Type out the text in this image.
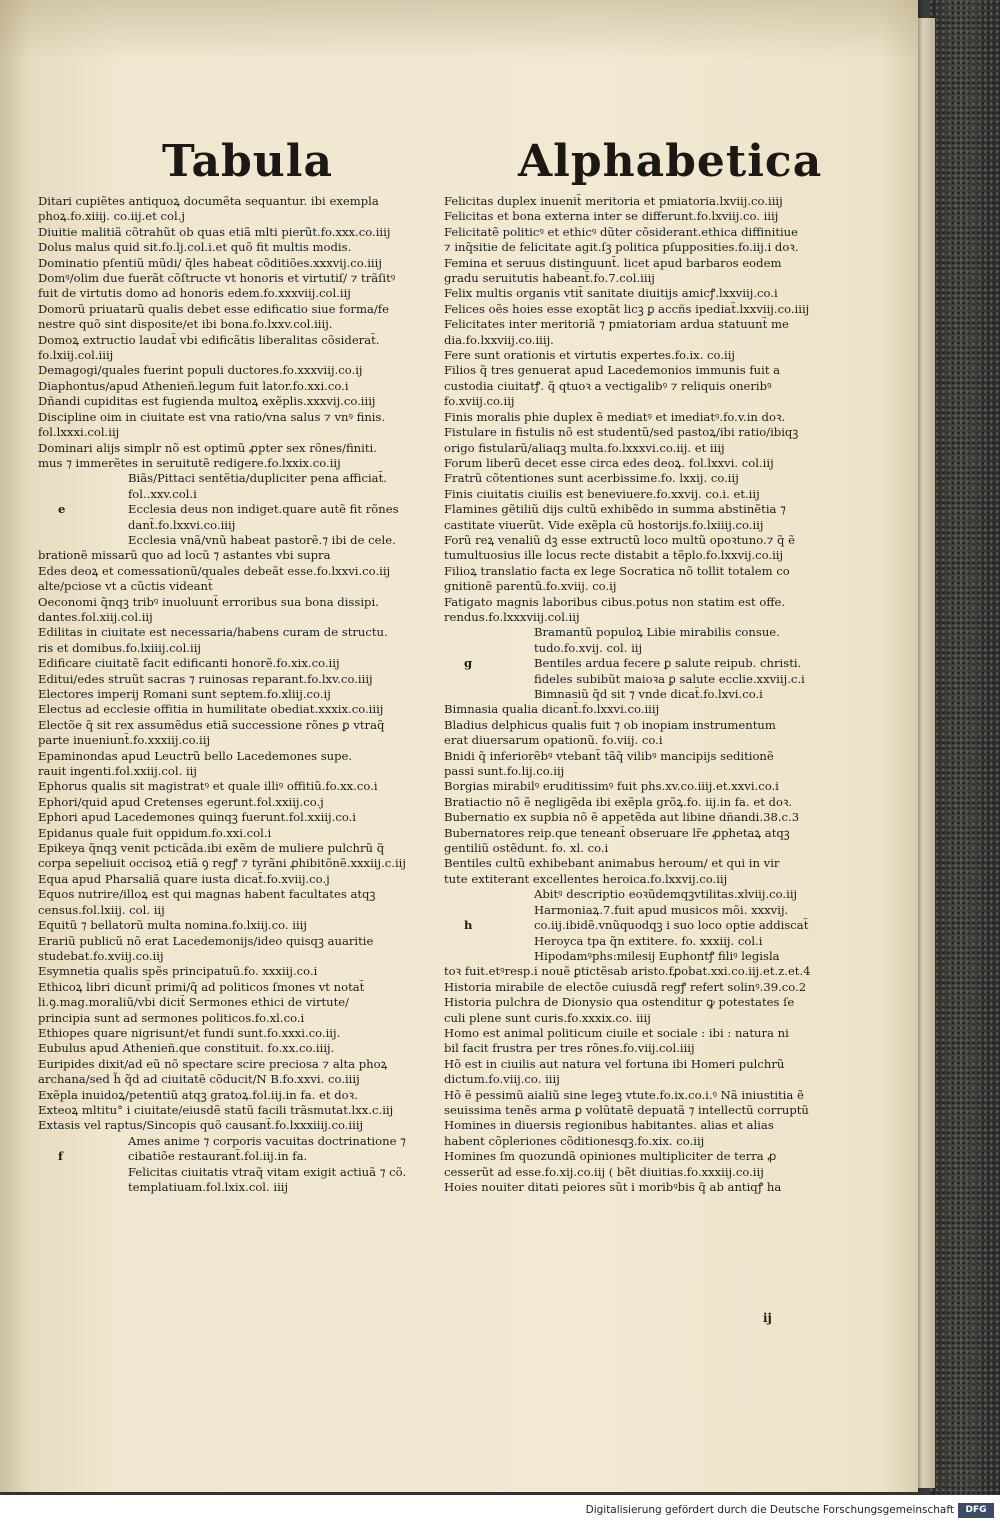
Tabula	Alphabetica
Ditari cupiẽtes antiquoꝝ documẽta sequantur. ibi exempla
phoꝝ.fo.xiiij. co.iij.et col.j
Diuitie malitiã cõtrahũt ob quas etiã mlti pierũt.fo.xxx.co.iiij
Dolus malus quid sit.fo.lj.col.i.et quõ fit multis modis.
Dominatio pſentiũ mũdi/ q̃les habeat cõditiões.xxxvij.co.iiij
Domꝰ/olim due fuerãt cõſtructe vt honoris et virtutiſ/ ⁊ trãſitꝰ
fuit de virtutis domo ad honoris edem.fo.xxxviij.col.iij
Domorũ priuatarũ qualis debet esse edificatio siue forma/fe
nestre quõ sint disposite/et ibi bona.fo.lxxv.col.iiij.
Domoꝝ extructio laudat̃ vbi edificãtis liberalitas cõsiderat̃.
fo.lxiij.col.iiij
Demagogi/quales fuerint populi ductores.fo.xxxviij.co.ij
Diaphontus/apud Athenieñ.legum fuit lator.fo.xxi.co.i
Dñandi cupiditas est fugienda multoꝝ exẽplis.xxxvij.co.iiij
Discipline oim in ciuitate est vna ratio/vna salus ⁊ vnꝰ finis.
fol.lxxxi.col.iij
Dominari alijs simplr nõ est optimũ ꝓpter sex rõnes/finiti.
mus ⁊ immerẽtes in seruitutẽ redigere.fo.lxxix.co.iij
Biãs/Pittaci sentẽtia/dupliciter pena afficiat̃.
fol..xxv.col.i
e	Ecclesia deus non indiget.quare autẽ fit rõnes
dant̃.fo.lxxvi.co.iiij
Ecclesia vnã/vnũ habeat pastorẽ.⁊ ibi de cele.
brationẽ missarũ quo ad locũ ⁊ astantes vbi supra
Edes deoꝝ et comessationũ/quales debeãt esse.fo.lxxvi.co.iij
alte/pciose vt a cũctis videant̃
Oeconomi q̃nqꝫ tribꝰ inuoluunt̃ erroribus sua bona dissipi.
dantes.fol.xiij.col.iij
Edilitas in ciuitate est necessaria/habens curam de structu.
ris et domibus.fo.lxiiij.col.iij
Edificare ciuitatẽ facit edificanti honorẽ.fo.xix.co.iij
Editui/edes struũt sacras ⁊ ruinosas reparant.fo.lxv.co.iiij
Electores imperij Romani sunt septem.fo.xliij.co.ij
Electus ad ecclesie offitia in humilitate obediat.xxxix.co.iiij
Electõe q̃ sit rex assumẽdus etiã successione rõnes ꝑ vtraq̃
parte inueniunt̃.fo.xxxiij.co.iij
Epaminondas apud Leuctrũ bello Lacedemones supe.
rauit ingenti.fol.xxiij.col. iij
Ephorus qualis sit magistratꝰ et quale illiꝰ offitiũ.fo.xx.co.i
Ephori/quid apud Cretenses egerunt.fol.xxiij.co.j
Ephori apud Lacedemones quinqꝫ fuerunt.fol.xxiij.co.i
Epidanus quale fuit oppidum.fo.xxi.col.i
Epikeya q̃nqꝫ venit pcticãda.ibi exẽm de muliere pulchrũ q̃
corpa sepeliuit occisoꝝ etiã ꝯ regꝭ ⁊ tyrãni ꝓhibitõnẽ.xxxiij.c.iij
Equa apud Pharsaliã quare iusta dicat̃.fo.xviij.co.j
Equos nutrire/illoꝝ est qui magnas habent facultates atqꝫ
census.fol.lxiij. col. iij
Equitũ ⁊ bellatorũ multa nomina.fo.lxiij.co. iiij
Erariũ publicũ nõ erat Lacedemonijs/ideo quisqꝫ auaritie
studebat.fo.xviij.co.iij
Esymnetia qualis spẽs principatuũ.fo. xxxiij.co.i
Ethicoꝝ libri dicunt̃ primi/q̃ ad politicos ſmones vt notat̃
li.ꝯ.mag.moraliũ/vbi dicit̃ Sermones ethici de virtute/
principia sunt ad sermones politicos.fo.xl.co.i
Ethiopes quare nigrisunt/et fundi sunt.fo.xxxi.co.iij.
Eubulus apud Athenieñ.que constituit. fo.xx.co.iiij.
Euripides dixit/ad eũ nõ spectare scire preciosa ⁊ alta phoꝝ
archana/sed h̃ q̃d ad ciuitatẽ cõducit/N B.fo.xxvi. co.iiij
Exẽpla inuidoꝝ/petentiũ atqꝫ gratoꝝ.fol.iij.in fa. et doꝛ.
Exteoꝝ mltitu° i ciuitate/eiusdẽ statũ facili trãsmutat.lxx.c.iij
Extasis vel raptus/Sincopis quõ causant̃.fo.lxxxiiij.co.iiij
Ames anime ⁊ corporis vacuitas doctrinatione ⁊
f	cibatiõe restaurant̃.fol.iij.in fa.
Felicitas ciuitatis vtraq̃ vitam exigit actiuã ⁊ cõ.
templatiuam.fol.lxix.col. iiij
Felicitas duplex inuenit̃ meritoria et pmiatoria.lxviij.co.iiij
Felicitas et bona externa inter se differunt.fo.lxviij.co. iiij
Felicitatẽ politicꝰ et ethicꝰ dũter cõsiderant.ethica diffinitiue
⁊ inq̃sitie de felicitate agit.ſꝫ politica pſupposities.fo.iij.i doꝛ.
Femina et seruus distinguunt̃. licet apud barbaros eodem
gradu seruitutis habeant̃.fo.7.col.iiij
Felix multis organis vtit̃ sanitate diuitijs amicꝭ.lxxviij.co.i
Felices oẽs hoies esse exoptãt licꝫ ꝑ accñs ipediat̃.lxxviij.co.iiij
Felicitates inter meritoriã ⁊ pmiatoriam ardua statuunt̃ me
dia.fo.lxxviij.co.iiij.
Fere sunt orationis et virtutis expertes.fo.ix. co.iij
Filios q̃ tres genuerat apud Lacedemonios immunis fuit a
custodia ciuitatꝭ. q̃ qtuoꝛ a vectigalibꝰ ⁊ reliquis oneribꝰ
fo.xviij.co.iij
Finis moralis phie duplex ẽ mediatꝰ et imediatꝰ.fo.v.in doꝛ.
Fistulare in fistulis nõ est studentũ/sed pastoꝝ/ibi ratio/ibiqꝫ
origo fistularũ/aliaqꝫ multa.fo.lxxxvi.co.iij. et iiij
Forum liberũ decet esse circa edes deoꝝ. fol.lxxvi. col.iij
Fratrũ cõtentiones sunt acerbissime.fo. lxxij. co.iij
Finis ciuitatis ciuilis est beneviuere.fo.xxvij. co.i. et.iij
Flamines gẽtiliũ dijs cultũ exhibẽdo in summa abstinẽtia ⁊
castitate viuerũt. Vide exẽpla cũ hostorijs.fo.lxiiij.co.iij
Forũ reꝝ venaliũ dꝫ esse extructũ loco multũ opoꝛtuno.⁊ q̃ ẽ
tumultuosius ille locus recte distabit a tẽplo.fo.lxxvij.co.iij
Filioꝝ translatio facta ex lege Socratica nõ tollit totalem co
gnitionẽ parentũ.fo.xviij. co.ij
Fatigato magnis laboribus cibus.potus non statim est offe.
rendus.fo.lxxxviij.col.iij
Bramantũ populoꝝ Libie mirabilis consue.
tudo.fo.xvij. col. iij
g	Bentiles ardua fecere ꝑ salute reipub. christi.
fideles subibũt maioꝛa ꝑ salute ecclie.xxviij.c.i
Bimnasiũ q̃d sit ⁊ vnde dicat̃.fo.lxvi.co.i
Bimnasia qualia dicant̃.fo.lxxvi.co.iiij
Bladius delphicus qualis fuit ⁊ ob inopiam instrumentum
erat diuersarum opationũ. fo.viij. co.i
Bnidi q̃ inferiorẽbꝰ vtebant̃ tãq̃ vilibꝰ mancipijs seditionẽ
passi sunt.fo.lij.co.iij
Borgias mirabilꝰ eruditissimꝰ fuit phs.xv.co.iiij.et.xxvi.co.i
Bratiactio nõ ẽ negligẽda ibi exẽpla grõꝝ.fo. iij.in fa. et doꝛ.
Bubernatio ex supbia nõ ẽ appetẽda aut libine dñandi.38.c.3
Bubernatores reip.que teneant̃ obseruare lr̃e ꝓphetaꝝ atqꝫ
gentiliũ ostẽdunt. fo. xl. co.i
Bentiles cultũ exhibebant animabus heroum/ et qui in vir
tute extiterant excellentes heroica.fo.lxxvij.co.iij
Abitꝰ descriptio eoꝛũdemqꝫvtilitas.xlviij.co.iij
Harmoniaꝝ.7.fuit apud musicos mõi. xxxvij.
h	co.iij.ibidẽ.vnũquodqꝫ i suo loco optie addiscat̃
Heroyca tpa q̃n extitere. fo. xxxiij. col.i
Hipodamꝰphs:milesij Euphontꝭ filiꝰ legisla
toꝛ fuit.etꝰresp.i nouẽ ꝑtictẽsab aristo.fꝓobat.xxi.co.iij.et.z.et.4
Historia mirabile de electõe cuiusdã regꝭ refert solinꝰ.39.co.2
Historia pulchra de Dionysio qua ostenditur ꝙ potestates ſe
culi plene sunt curis.fo.xxxix.co. iiij
Homo est animal politicum ciuile et sociale : ibi : natura ni
bil facit frustra per tres rõnes.fo.viij.col.iiij
Hõ est in ciuilis aut natura vel fortuna ibi Homeri pulchrũ
dictum.fo.viij.co. iiij
Hõ ẽ pessimũ aialiũ sine legeꝫ vtute.fo.ix.co.i.ꝰ Nã iniustitia ẽ
seuissima tenẽs arma ꝑ volũtatẽ depuatã ⁊ intellectũ corruptũ
Homines in diuersis regionibus habitantes. alias et alias
habent cõpleriones cõditionesqꝫ.fo.xix. co.iij
Homines ſm quozundã opiniones multipliciter de terra ꝓ
cesserũt ad esse.fo.xij.co.iij ( bẽt diuitias.fo.xxxiij.co.iij
Hoies nouiter ditati peiores sũt i moribꝰbis q̃ ab antiqꝭ ha
ij
Digitalisierung gefördert durch die Deutsche Forschungsgemeinschaft	DFG
